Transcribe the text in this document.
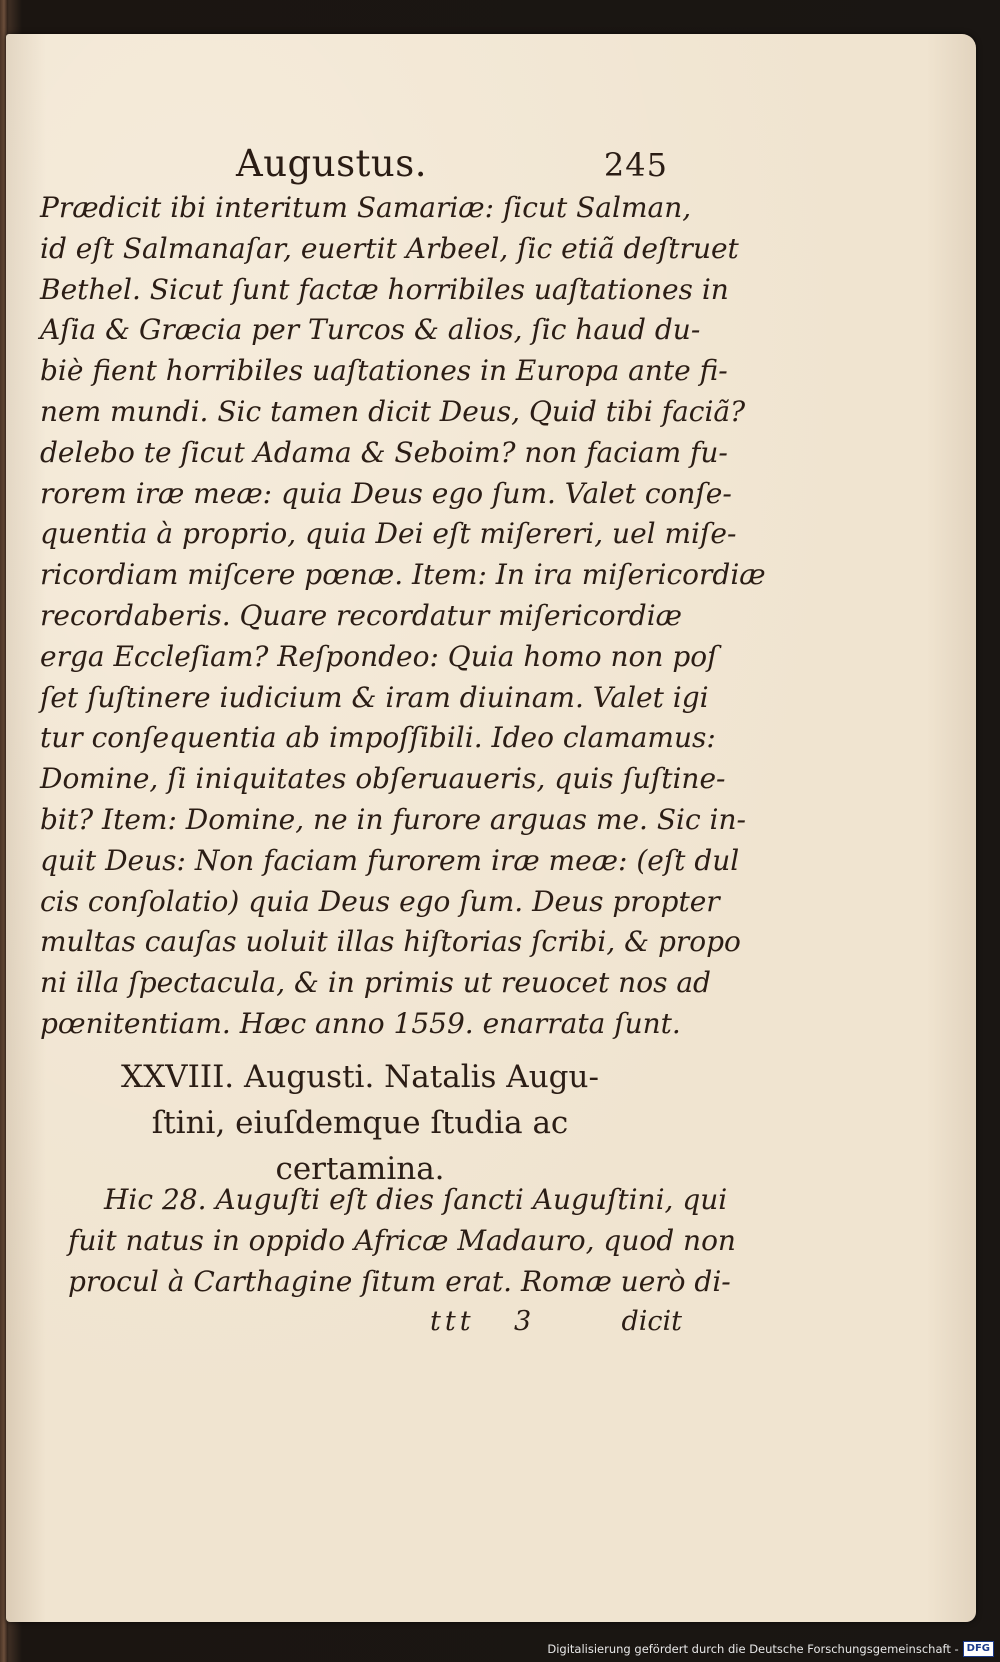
Augustus.	245
Prædicit ibi interitum Samariæ: ſicut Salman,
id eſt Salmanaſar, euertit Arbeel, ſic etiã deſtruet
Bethel. Sicut ſunt factæ horribiles uaſtationes in
Aſia & Græcia per Turcos & alios, ſic haud du-
biè fient horribiles uaſtationes in Europa ante fi-
nem mundi. Sic tamen dicit Deus, Quid tibi faciã?
delebo te ſicut Adama & Seboim? non faciam fu-
rorem iræ meæ: quia Deus ego ſum. Valet conſe-
quentia à proprio, quia Dei eſt miſereri, uel miſe-
ricordiam miſcere pœnæ. Item: In ira miſericordiæ
recordaberis. Quare recordatur miſericordiæ
erga Eccleſiam? Reſpondeo: Quia homo non poſ
ſet ſuſtinere iudicium & iram diuinam. Valet igi
tur conſequentia ab impoſſibili. Ideo clamamus:
Domine, ſi iniquitates obſeruaueris, quis ſuſtine-
bit? Item: Domine, ne in furore arguas me. Sic in-
quit Deus: Non faciam furorem iræ meæ: (eſt dul
cis conſolatio) quia Deus ego ſum. Deus propter
multas cauſas uoluit illas hiſtorias ſcribi, & propo
ni illa ſpectacula, & in primis ut reuocet nos ad
pœnitentiam. Hæc anno 1559. enarrata ſunt.
XXVIII. Augusti. Natalis Augu-
ſtini, eiuſdemque ſtudia ac
certamina.
Hic 28. Auguſti eſt dies ſancti Auguſtini, qui
fuit natus in oppido Africæ Madauro, quod non
procul à Carthagine ſitum erat. Romæ uerò di-
ttt 3	dicit
Digitalisierung gefördert durch die Deutsche Forschungsgemeinschaft - DFG
